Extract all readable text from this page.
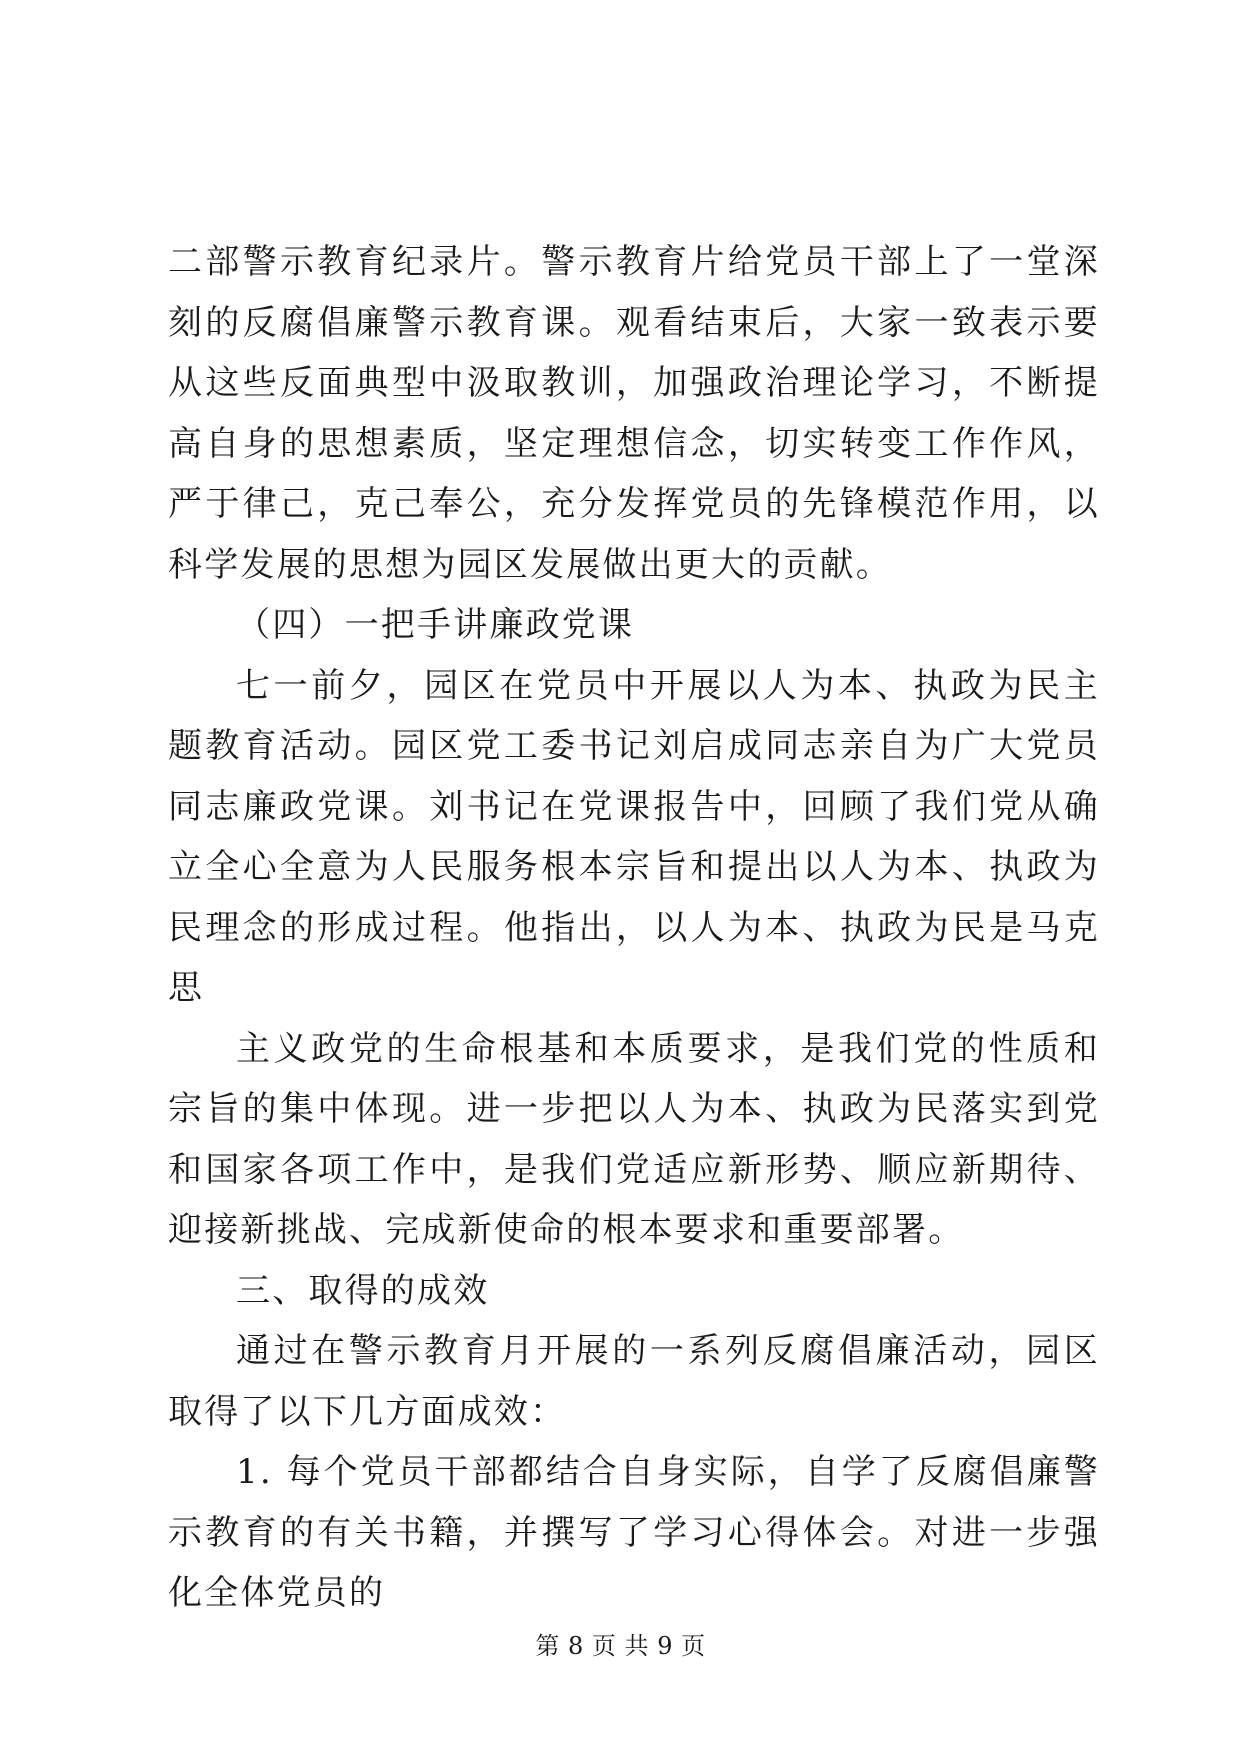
二部警示教育纪录片。警示教育片给党员干部上了一堂深刻的反腐倡廉警示教育课。观看结束后，大家一致表示要从这些反面典型中汲取教训，加强政治理论学习，不断提高自身的思想素质，坚定理想信念，切实转变工作作风，严于律己，克己奉公，充分发挥党员的先锋模范作用，以科学发展的思想为园区发展做出更大的贡献。

（四）一把手讲廉政党课

七一前夕，园区在党员中开展以人为本、执政为民主题教育活动。园区党工委书记刘启成同志亲自为广大党员同志廉政党课。刘书记在党课报告中，回顾了我们党从确立全心全意为人民服务根本宗旨和提出以人为本、执政为民理念的形成过程。他指出，以人为本、执政为民是马克思

主义政党的生命根基和本质要求，是我们党的性质和宗旨的集中体现。进一步把以人为本、执政为民落实到党和国家各项工作中，是我们党适应新形势、顺应新期待、迎接新挑战、完成新使命的根本要求和重要部署。

三、取得的成效

通过在警示教育月开展的一系列反腐倡廉活动，园区取得了以下几方面成效：

1. 每个党员干部都结合自身实际，自学了反腐倡廉警示教育的有关书籍，并撰写了学习心得体会。对进一步强化全体党员的

第 8 页 共 9 页
